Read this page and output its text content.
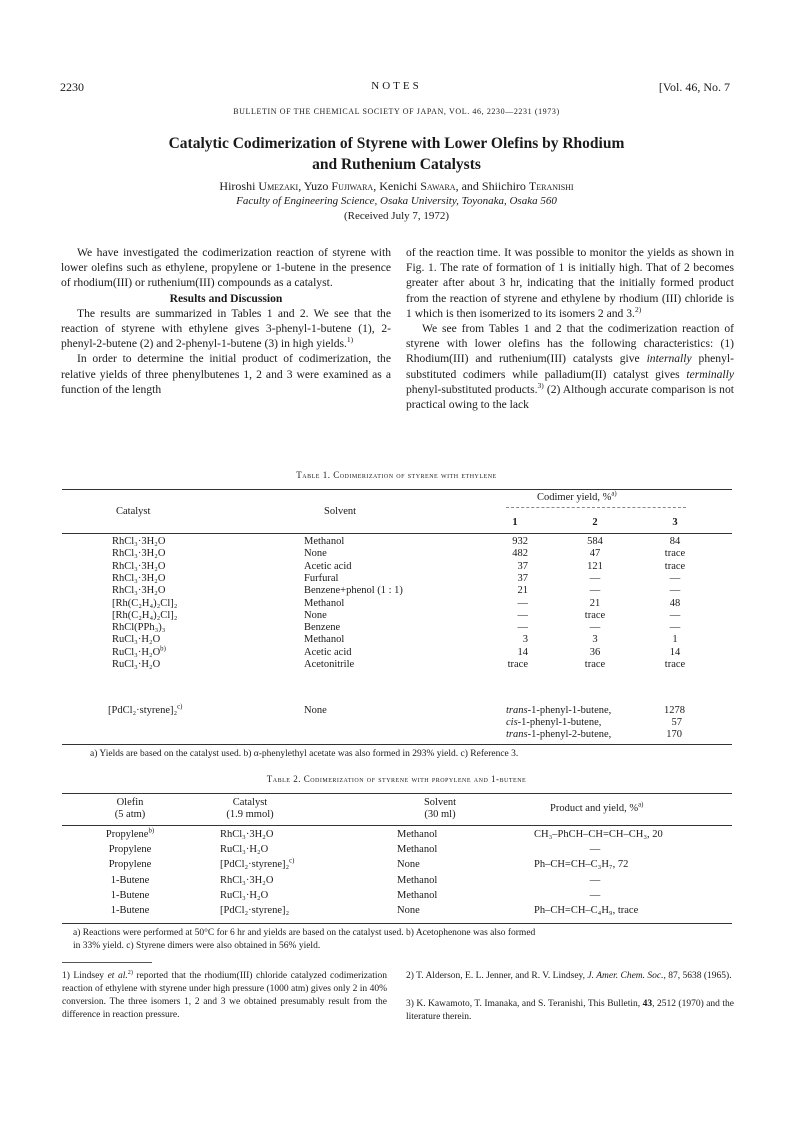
2230	NOTES	[Vol. 46, No. 7
BULLETIN OF THE CHEMICAL SOCIETY OF JAPAN, VOL. 46, 2230—2231 (1973)
Catalytic Codimerization of Styrene with Lower Olefins by Rhodium
and Ruthenium Catalysts
Hiroshi Umezaki, Yuzo Fujiwara, Kenichi Sawara, and Shiichiro Teranishi
Faculty of Engineering Science, Osaka University, Toyonaka, Osaka 560
(Received July 7, 1972)

We have investigated the codimerization reaction of styrene with lower olefins such as ethylene, propylene or 1-butene in the presence of rhodium(III) or ruthenium(III) compounds as a catalyst.

Results and Discussion

The results are summarized in Tables 1 and 2. We see that the reaction of styrene with ethylene gives 3-phenyl-1-butene (1), 2-phenyl-2-butene (2) and 2-phenyl-1-butene (3) in high yields.$^{1)}$

In order to determine the initial product of codimerization, the relative yields of three phenylbutenes 1, 2 and 3 were examined as a function of the length

of the reaction time. It was possible to monitor the yields as shown in Fig. 1. The rate of formation of 1 is initially high. That of 2 becomes greater after about 3 hr, indicating that the initially formed product from the reaction of styrene and ethylene by rhodium (III) chloride is 1 which is then isomerized to its isomers 2 and 3.$^{2)}$

We see from Tables 1 and 2 that the codimerization reaction of styrene with lower olefins has the following characteristics: (1) Rhodium(III) and ruthenium(III) catalysts give internally phenyl-substituted codimers while palladium(II) catalyst gives terminally phenyl-substituted products.$^{3)}$ (2) Although accurate comparison is not practical owing to the lack

Table 1. Codimerization of styrene with ethylene
Catalyst	Solvent
Codimer yield, %$^{a)}$
1	2	3
RhCl₃·3H₂O	Methanol	932	584	84
RhCl₃·3H₂O	None	482	47	trace
RhCl₃·3H₂O	Acetic acid	37	121	trace
RhCl₃·3H₂O	Furfural	37	—	—
RhCl₃·3H₂O	Benzene+phenol (1 : 1)	21	—	—
[Rh(C₂H₄)₂Cl]₂	Methanol	—	21	48
[Rh(C₂H₄)₂Cl]₂	None	—	trace	—
RhCl(PPh₃)₃	Benzene	—	—	—
RuCl₃·H₂O	Methanol	3	3	1
$RuCl_3\cdot H_2O^{b)}$	Acetic acid	14	36	14
RuCl₃·H₂O	Acetonitrile	trace	trace	trace
[PdCl₂·styrene]₂$^{c)}$	None	trans-1-phenyl-1-butene,	1278
cis-1-phenyl-1-butene,	57
trans-1-phenyl-2-butene,	170
a) Yields are based on the catalyst used. b) α-phenylethyl acetate was also formed in 293% yield. c) Reference 3.
Table 2. Codimerization of styrene with propylene and 1-butene
Olefin
(5 atm)
Catalyst
(1.9 mmol)
Solvent
(30 ml)
Product and yield, %$^{a)}$
Propylene$^{b)}$	RhCl₃·3H₂O	Methanol	CH₃–PhCH–CH=CH–CH₃, 20
Propylene	RuCl₃·H₂O	Methanol	—
Propylene	[PdCl₂·styrene]₂$^{c)}$	None	Ph–CH=CH–C₃H₇, 72
1-Butene	RhCl₃·3H₂O	Methanol	—
1-Butene	RuCl₃·H₂O	Methanol	—
1-Butene	[PdCl₂·styrene]₂	None	Ph–CH=CH–C₄H₉, trace
a) Reactions were performed at 50°C for 6 hr and yields are based on the catalyst used. b) Acetophenone was also formed
in 33% yield. c) Styrene dimers were also obtained in 56% yield.
1) Lindsey et al.$^{2)}$ reported that the rhodium(III) chloride catalyzed codimerization reaction of ethylene with styrene under high pressure (1000 atm) gives only 2 in 40% conversion. The three isomers 1, 2 and 3 we obtained presumably result from the difference in reaction pressure.
2) T. Alderson, E. L. Jenner, and R. V. Lindsey, J. Amer. Chem. Soc., 87, 5638 (1965).
3) K. Kawamoto, T. Imanaka, and S. Teranishi, This Bulletin, 43, 2512 (1970) and the literature therein.
